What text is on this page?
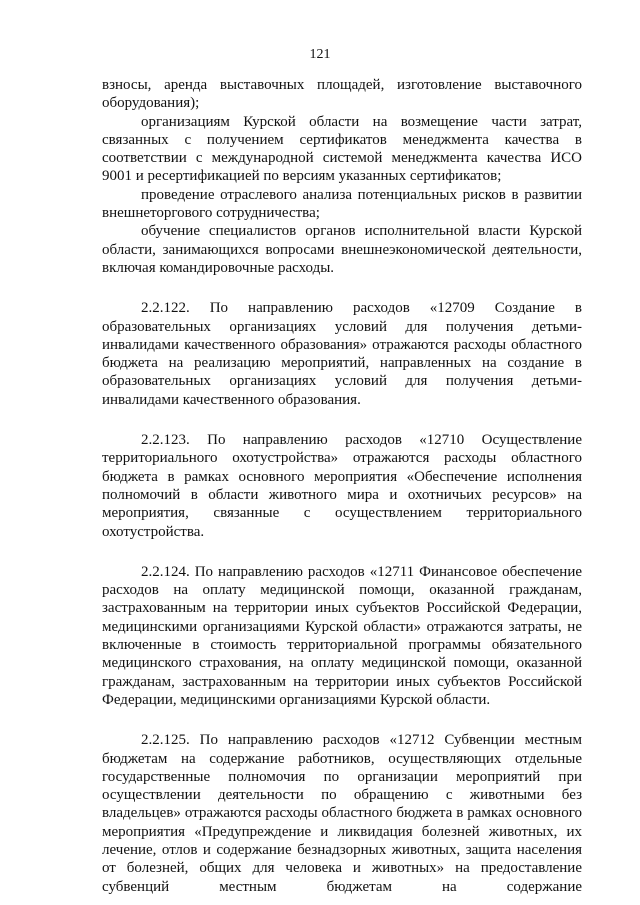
121

взносы, аренда выставочных площадей, изготовление выставочного оборудования);

организациям Курской области на возмещение части затрат, связанных с получением сертификатов менеджмента качества в соответствии с международной системой менеджмента качества ИСО 9001 и ресертификацией по версиям указанных сертификатов;

проведение отраслевого анализа потенциальных рисков в развитии внешнеторгового сотрудничества;

обучение специалистов органов исполнительной власти Курской области, занимающихся вопросами внешнеэкономической деятельности, включая командировочные расходы.

2.2.122. По направлению расходов «12709 Создание в образовательных организациях условий для получения детьми-инвалидами качественного образования» отражаются расходы областного бюджета на реализацию мероприятий, направленных на создание в образовательных организациях условий для получения детьми-инвалидами качественного образования.

2.2.123. По направлению расходов «12710 Осуществление территориального охотустройства» отражаются расходы областного бюджета в рамках основного мероприятия «Обеспечение исполнения полномочий в области животного мира и охотничьих ресурсов» на мероприятия, связанные с осуществлением территориального охотустройства.

2.2.124. По направлению расходов «12711 Финансовое обеспечение расходов на оплату медицинской помощи, оказанной гражданам, застрахованным на территории иных субъектов Российской Федерации, медицинскими организациями Курской области» отражаются затраты, не включенные в стоимость территориальной программы обязательного медицинского страхования, на оплату медицинской помощи, оказанной гражданам, застрахованным на территории иных субъектов Российской Федерации, медицинскими организациями Курской области.

2.2.125. По направлению расходов «12712 Субвенции местным бюджетам на содержание работников, осуществляющих отдельные государственные полномочия по организации мероприятий при осуществлении деятельности по обращению с животными без владельцев» отражаются расходы областного бюджета в рамках основного мероприятия «Предупреждение и ликвидация болезней животных, их лечение, отлов и содержание безнадзорных животных, защита населения от болезней, общих для человека и животных» на предоставление субвенций местным бюджетам на содержание
